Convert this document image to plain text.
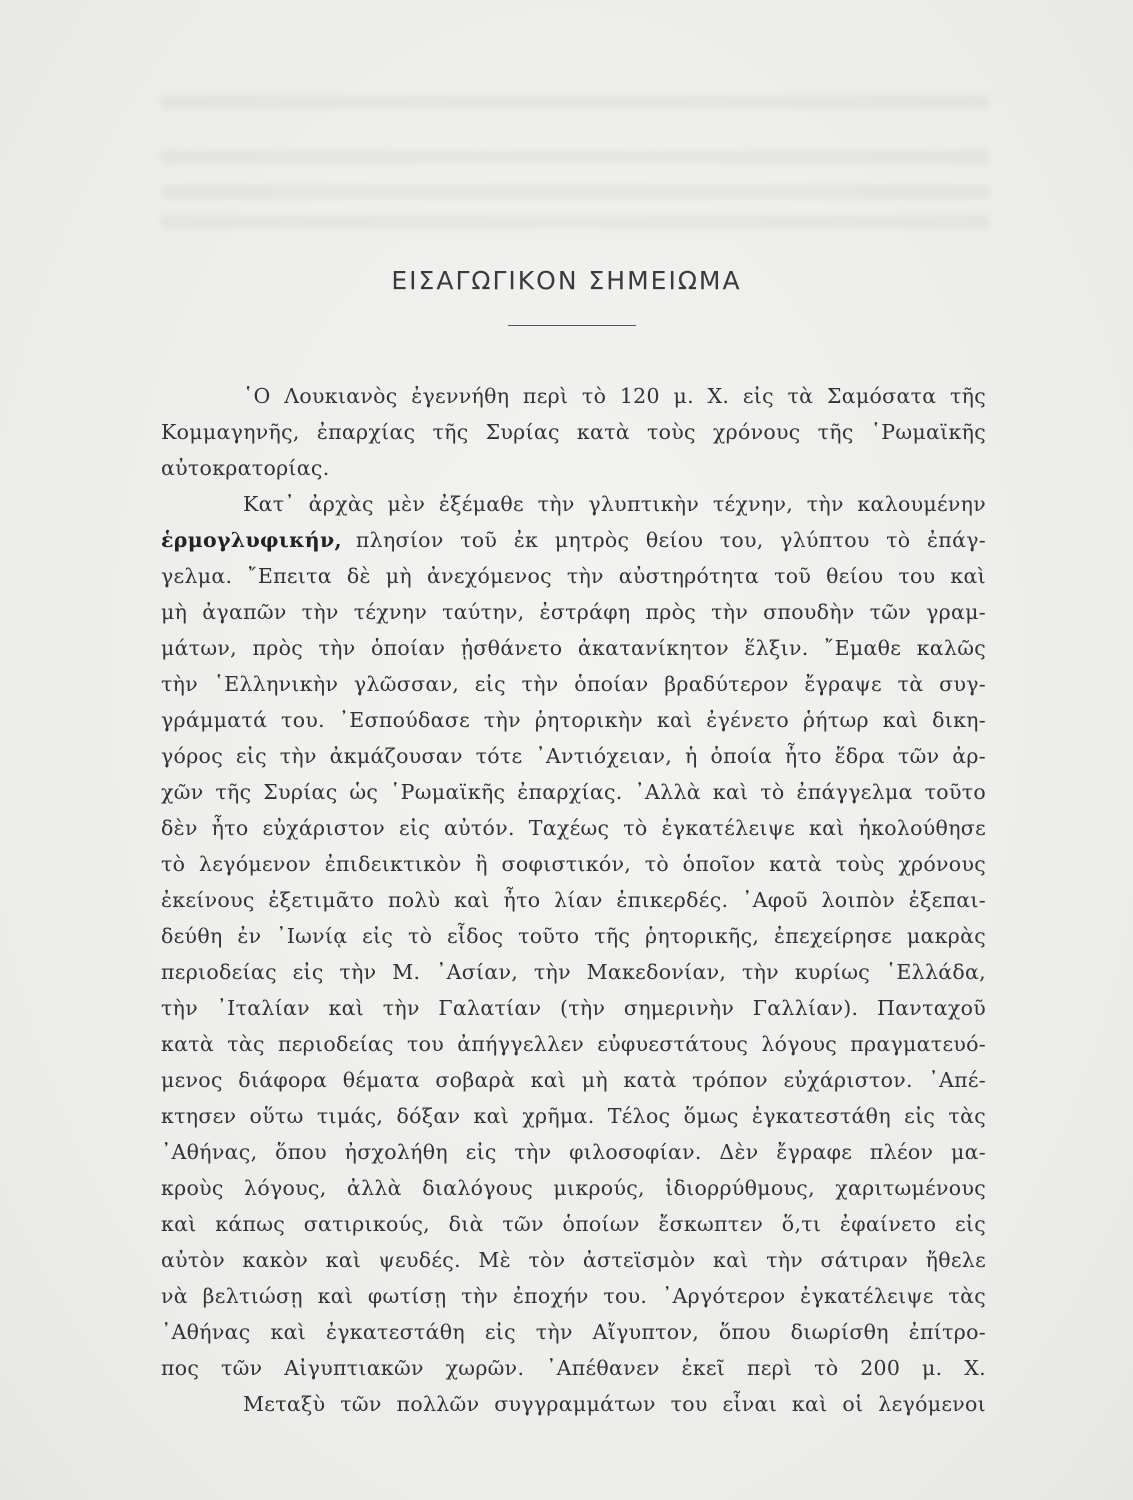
ΕΙΣΑΓΩΓΙΚΟΝ ΣΗΜΕΙΩΜΑ
῾Ο Λουκιανὸς ἐγεννήθη περὶ τὸ 120 μ. Χ. εἰς τὰ Σαμόσατα τῆς
Κομμαγηνῆς, ἐπαρχίας τῆς Συρίας κατὰ τοὺς χρόνους τῆς ῾Ρωμαϊκῆς
αὐτοκρατορίας.
Κατ᾿ ἀρχὰς μὲν ἐξέμαθε τὴν γλυπτικὴν τέχνην, τὴν καλουμένην
ἑρμογλυφικήν, πλησίον τοῦ ἐκ μητρὸς θείου του, γλύπτου τὸ ἐπάγ-
γελμα. ῎Επειτα δὲ μὴ ἀνεχόμενος τὴν αὐστηρότητα τοῦ θείου του καὶ
μὴ ἀγαπῶν τὴν τέχνην ταύτην, ἐστράφη πρὸς τὴν σπουδὴν τῶν γραμ-
μάτων, πρὸς τὴν ὁποίαν ᾐσθάνετο ἀκατανίκητον ἕλξιν. ῎Εμαθε καλῶς
τὴν ῾Ελληνικὴν γλῶσσαν, εἰς τὴν ὁποίαν βραδύτερον ἔγραψε τὰ συγ-
γράμματά του. ᾿Εσπούδασε τὴν ῥητορικὴν καὶ ἐγένετο ῥήτωρ καὶ δικη-
γόρος εἰς τὴν ἀκμάζουσαν τότε ᾿Αντιόχειαν, ἡ ὁποία ἦτο ἕδρα τῶν ἀρ-
χῶν τῆς Συρίας ὡς ῾Ρωμαϊκῆς ἐπαρχίας. ᾿Αλλὰ καὶ τὸ ἐπάγγελμα τοῦτο
δὲν ἦτο εὐχάριστον εἰς αὐτόν. Ταχέως τὸ ἐγκατέλειψε καὶ ἠκολούθησε
τὸ λεγόμενον ἐπιδεικτικὸν ἢ σοφιστικόν, τὸ ὁποῖον κατὰ τοὺς χρόνους
ἐκείνους ἐξετιμᾶτο πολὺ καὶ ἦτο λίαν ἐπικερδές. ᾿Αφοῦ λοιπὸν ἐξεπαι-
δεύθη ἐν ᾿Ιωνίᾳ εἰς τὸ εἶδος τοῦτο τῆς ῥητορικῆς, ἐπεχείρησε μακρὰς
περιοδείας εἰς τὴν Μ. ᾿Ασίαν, τὴν Μακεδονίαν, τὴν κυρίως ῾Ελλάδα,
τὴν ᾿Ιταλίαν καὶ τὴν Γαλατίαν (τὴν σημερινὴν Γαλλίαν). Πανταχοῦ
κατὰ τὰς περιοδείας του ἀπήγγελλεν εὐφυεστάτους λόγους πραγματευό-
μενος διάφορα θέματα σοβαρὰ καὶ μὴ κατὰ τρόπον εὐχάριστον. ᾿Απέ-
κτησεν οὕτω τιμάς, δόξαν καὶ χρῆμα. Τέλος ὅμως ἐγκατεστάθη εἰς τὰς
᾿Αθήνας, ὅπου ἠσχολήθη εἰς τὴν φιλοσοφίαν. Δὲν ἔγραφε πλέον μα-
κροὺς λόγους, ἀλλὰ διαλόγους μικρούς, ἰδιορρύθμους, χαριτωμένους
καὶ κάπως σατιρικούς, διὰ τῶν ὁποίων ἔσκωπτεν ὅ,τι ἐφαίνετο εἰς
αὐτὸν κακὸν καὶ ψευδές. Μὲ τὸν ἀστεϊσμὸν καὶ τὴν σάτιραν ἤθελε
νὰ βελτιώσῃ καὶ φωτίσῃ τὴν ἐποχήν του. ᾿Αργότερον ἐγκατέλειψε τὰς
᾿Αθήνας καὶ ἐγκατεστάθη εἰς τὴν Αἴγυπτον, ὅπου διωρίσθη ἐπίτρο-
πος τῶν Αἰγυπτιακῶν χωρῶν. ᾿Απέθανεν ἐκεῖ περὶ τὸ 200 μ. Χ.
Μεταξὺ τῶν πολλῶν συγγραμμάτων του εἶναι καὶ οἱ λεγόμενοι
